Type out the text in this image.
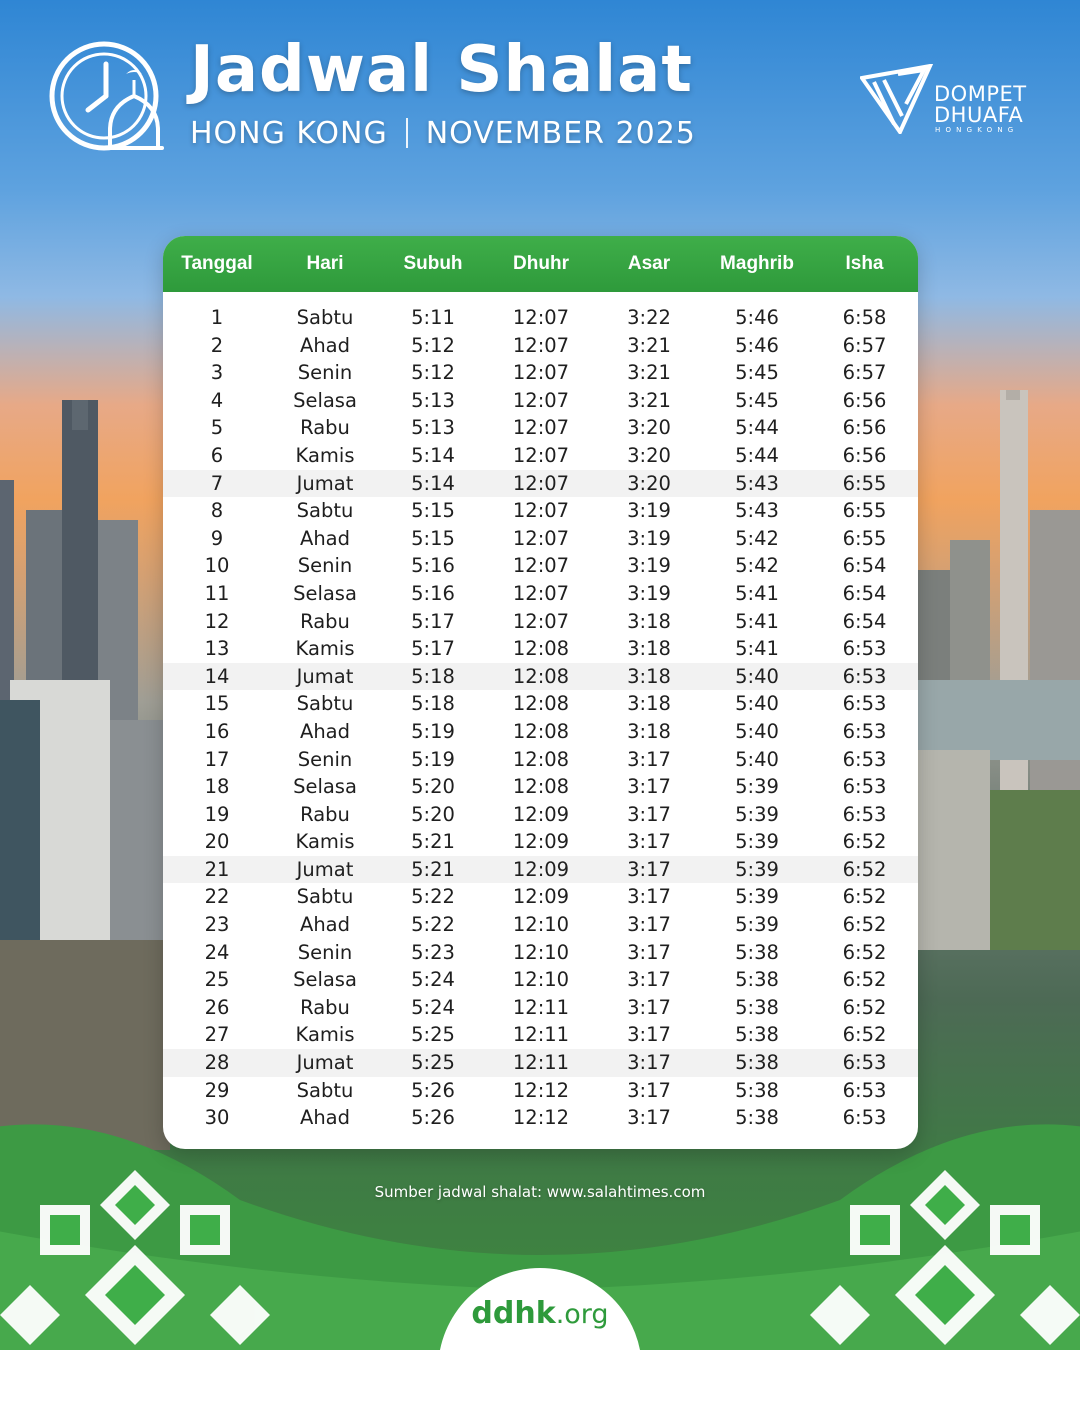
Jadwal Shalat
HONG KONG NOVEMBER 2025
DOMPET
DHUAFA
HONGKONG
Tanggal	Hari	Subuh	Dhuhr	Asar	Maghrib	Isha
1	Sabtu	5:11	12:07	3:22	5:46	6:58
2	Ahad	5:12	12:07	3:21	5:46	6:57
3	Senin	5:12	12:07	3:21	5:45	6:57
4	Selasa	5:13	12:07	3:21	5:45	6:56
5	Rabu	5:13	12:07	3:20	5:44	6:56
6	Kamis	5:14	12:07	3:20	5:44	6:56
7	Jumat	5:14	12:07	3:20	5:43	6:55
8	Sabtu	5:15	12:07	3:19	5:43	6:55
9	Ahad	5:15	12:07	3:19	5:42	6:55
10	Senin	5:16	12:07	3:19	5:42	6:54
11	Selasa	5:16	12:07	3:19	5:41	6:54
12	Rabu	5:17	12:07	3:18	5:41	6:54
13	Kamis	5:17	12:08	3:18	5:41	6:53
14	Jumat	5:18	12:08	3:18	5:40	6:53
15	Sabtu	5:18	12:08	3:18	5:40	6:53
16	Ahad	5:19	12:08	3:18	5:40	6:53
17	Senin	5:19	12:08	3:17	5:40	6:53
18	Selasa	5:20	12:08	3:17	5:39	6:53
19	Rabu	5:20	12:09	3:17	5:39	6:53
20	Kamis	5:21	12:09	3:17	5:39	6:52
21	Jumat	5:21	12:09	3:17	5:39	6:52
22	Sabtu	5:22	12:09	3:17	5:39	6:52
23	Ahad	5:22	12:10	3:17	5:39	6:52
24	Senin	5:23	12:10	3:17	5:38	6:52
25	Selasa	5:24	12:10	3:17	5:38	6:52
26	Rabu	5:24	12:11	3:17	5:38	6:52
27	Kamis	5:25	12:11	3:17	5:38	6:52
28	Jumat	5:25	12:11	3:17	5:38	6:53
29	Sabtu	5:26	12:12	3:17	5:38	6:53
30	Ahad	5:26	12:12	3:17	5:38	6:53
Sumber jadwal shalat: www.salahtimes.com
ddhk.org
